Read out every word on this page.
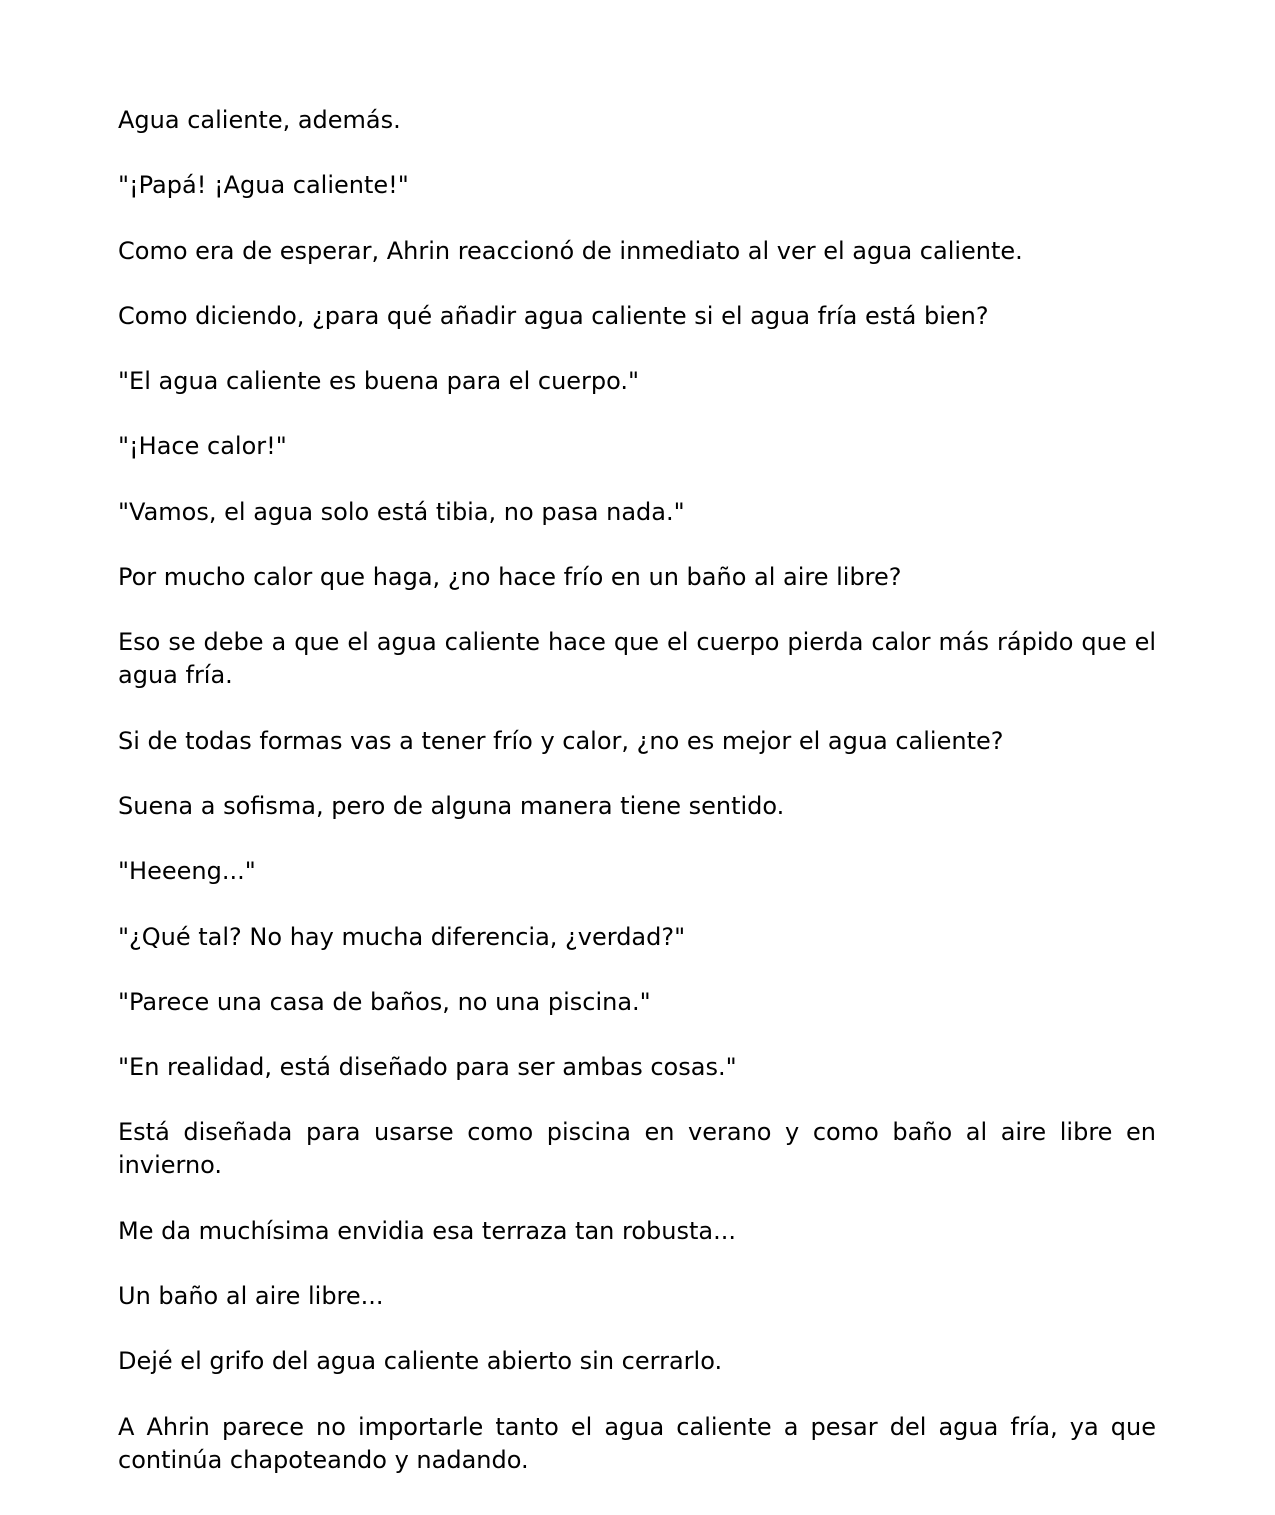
Agua caliente, además.

"¡Papá! ¡Agua caliente!"

Como era de esperar, Ahrin reaccionó de inmediato al ver el agua caliente.

Como diciendo, ¿para qué añadir agua caliente si el agua fría está bien?

"El agua caliente es buena para el cuerpo."

"¡Hace calor!"

"Vamos, el agua solo está tibia, no pasa nada."

Por mucho calor que haga, ¿no hace frío en un baño al aire libre?

Eso se debe a que el agua caliente hace que el cuerpo pierda calor más rápido que el agua fría.

Si de todas formas vas a tener frío y calor, ¿no es mejor el agua caliente?

Suena a sofisma, pero de alguna manera tiene sentido.

"Heeeng..."

"¿Qué tal? No hay mucha diferencia, ¿verdad?"

"Parece una casa de baños, no una piscina."

"En realidad, está diseñado para ser ambas cosas."

Está diseñada para usarse como piscina en verano y como baño al aire libre en invierno.

Me da muchísima envidia esa terraza tan robusta...

Un baño al aire libre...

Dejé el grifo del agua caliente abierto sin cerrarlo.

A Ahrin parece no importarle tanto el agua caliente a pesar del agua fría, ya que continúa chapoteando y nadando.
